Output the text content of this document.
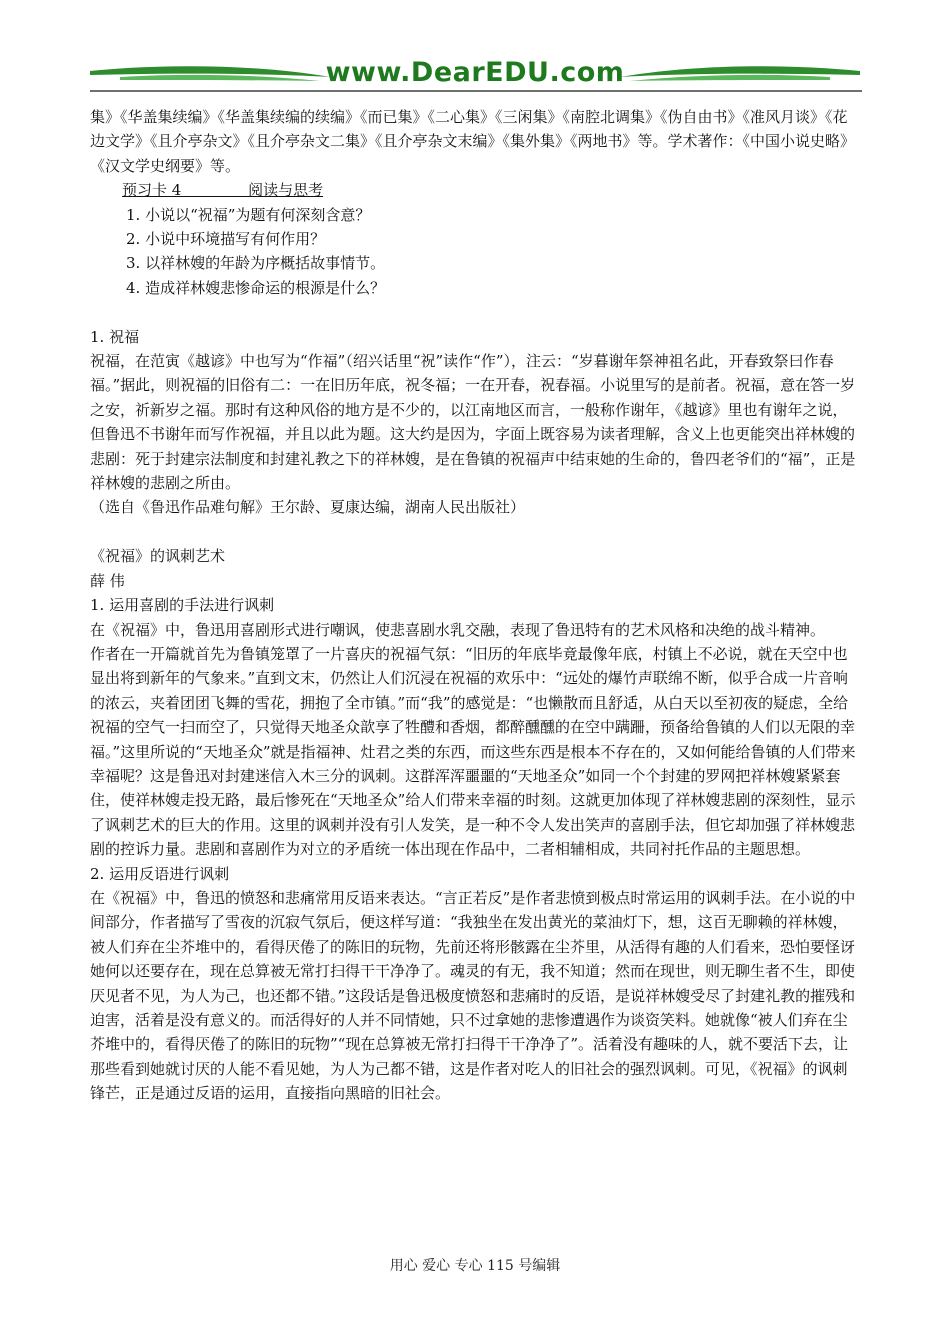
www.DearEDU.com

集》《华盖集续编》《华盖集续编的续编》《而已集》《二心集》《三闲集》《南腔北调集》《伪自由书》《准风月谈》《花边文学》《且介亭杂文》《且介亭杂文二集》《且介亭杂文末编》《集外集》《两地书》等。学术著作：《中国小说史略》《汉文学史纲要》等。

预习卡 4              阅读与思考

1. 小说以“祝福”为题有何深刻含意？

2. 小说中环境描写有何作用？

3. 以祥林嫂的年龄为序概括故事情节。

4. 造成祥林嫂悲惨命运的根源是什么？

1. 祝福

祝福，在范寅《越谚》中也写为“作福”（绍兴话里“祝”读作“作”），注云：“岁暮谢年祭神祖名此，开春致祭曰作春福。”据此，则祝福的旧俗有二：一在旧历年底，祝冬福；一在开春，祝春福。小说里写的是前者。祝福，意在答一岁之安，祈新岁之福。那时有这种风俗的地方是不少的，以江南地区而言，一般称作谢年，《越谚》里也有谢年之说，但鲁迅不书谢年而写作祝福，并且以此为题。这大约是因为，字面上既容易为读者理解，含义上也更能突出祥林嫂的悲剧：死于封建宗法制度和封建礼教之下的祥林嫂，是在鲁镇的祝福声中结束她的生命的，鲁四老爷们的“福”，正是祥林嫂的悲剧之所由。

（选自《鲁迅作品难句解》王尔龄、夏康达编，湖南人民出版社）

《祝福》的讽刺艺术

薛 伟

1. 运用喜剧的手法进行讽刺

在《祝福》中，鲁迅用喜剧形式进行嘲讽，使悲喜剧水乳交融，表现了鲁迅特有的艺术风格和决绝的战斗精神。

作者在一开篇就首先为鲁镇笼罩了一片喜庆的祝福气氛：“旧历的年底毕竟最像年底，村镇上不必说，就在天空中也显出将到新年的气象来。”直到文末，仍然让人们沉浸在祝福的欢乐中：“远处的爆竹声联绵不断，似乎合成一片音响的浓云，夹着团团飞舞的雪花，拥抱了全市镇。”而“我”的感觉是：“也懒散而且舒适，从白天以至初夜的疑虑，全给祝福的空气一扫而空了，只觉得天地圣众歆享了牲醴和香烟，都醉醺醺的在空中蹒跚，预备给鲁镇的人们以无限的幸福。”这里所说的“天地圣众”就是指福神、灶君之类的东西，而这些东西是根本不存在的，又如何能给鲁镇的人们带来幸福呢？这是鲁迅对封建迷信入木三分的讽刺。这群浑浑噩噩的“天地圣众”如同一个个封建的罗网把祥林嫂紧紧套住，使祥林嫂走投无路，最后惨死在“天地圣众”给人们带来幸福的时刻。这就更加体现了祥林嫂悲剧的深刻性，显示了讽刺艺术的巨大的作用。这里的讽刺并没有引人发笑，是一种不令人发出笑声的喜剧手法，但它却加强了祥林嫂悲剧的控诉力量。悲剧和喜剧作为对立的矛盾统一体出现在作品中，二者相辅相成，共同衬托作品的主题思想。

2. 运用反语进行讽刺

在《祝福》中，鲁迅的愤怒和悲痛常用反语来表达。“言正若反”是作者悲愤到极点时常运用的讽刺手法。在小说的中间部分，作者描写了雪夜的沉寂气氛后，便这样写道：“我独坐在发出黄光的菜油灯下，想，这百无聊赖的祥林嫂，被人们弃在尘芥堆中的，看得厌倦了的陈旧的玩物，先前还将形骸露在尘芥里，从活得有趣的人们看来，恐怕要怪讶她何以还要存在，现在总算被无常打扫得干干净净了。魂灵的有无，我不知道；然而在现世，则无聊生者不生，即使厌见者不见，为人为己，也还都不错。”这段话是鲁迅极度愤怒和悲痛时的反语，是说祥林嫂受尽了封建礼教的摧残和迫害，活着是没有意义的。而活得好的人并不同情她，只不过拿她的悲惨遭遇作为谈资笑料。她就像“被人们弃在尘芥堆中的，看得厌倦了的陈旧的玩物”“现在总算被无常打扫得干干净净了”。活着没有趣味的人，就不要活下去，让那些看到她就讨厌的人能不看见她，为人为己都不错，这是作者对吃人的旧社会的强烈讽刺。可见，《祝福》的讽刺锋芒，正是通过反语的运用，直接指向黑暗的旧社会。

用心 爱心 专心 115 号编辑
